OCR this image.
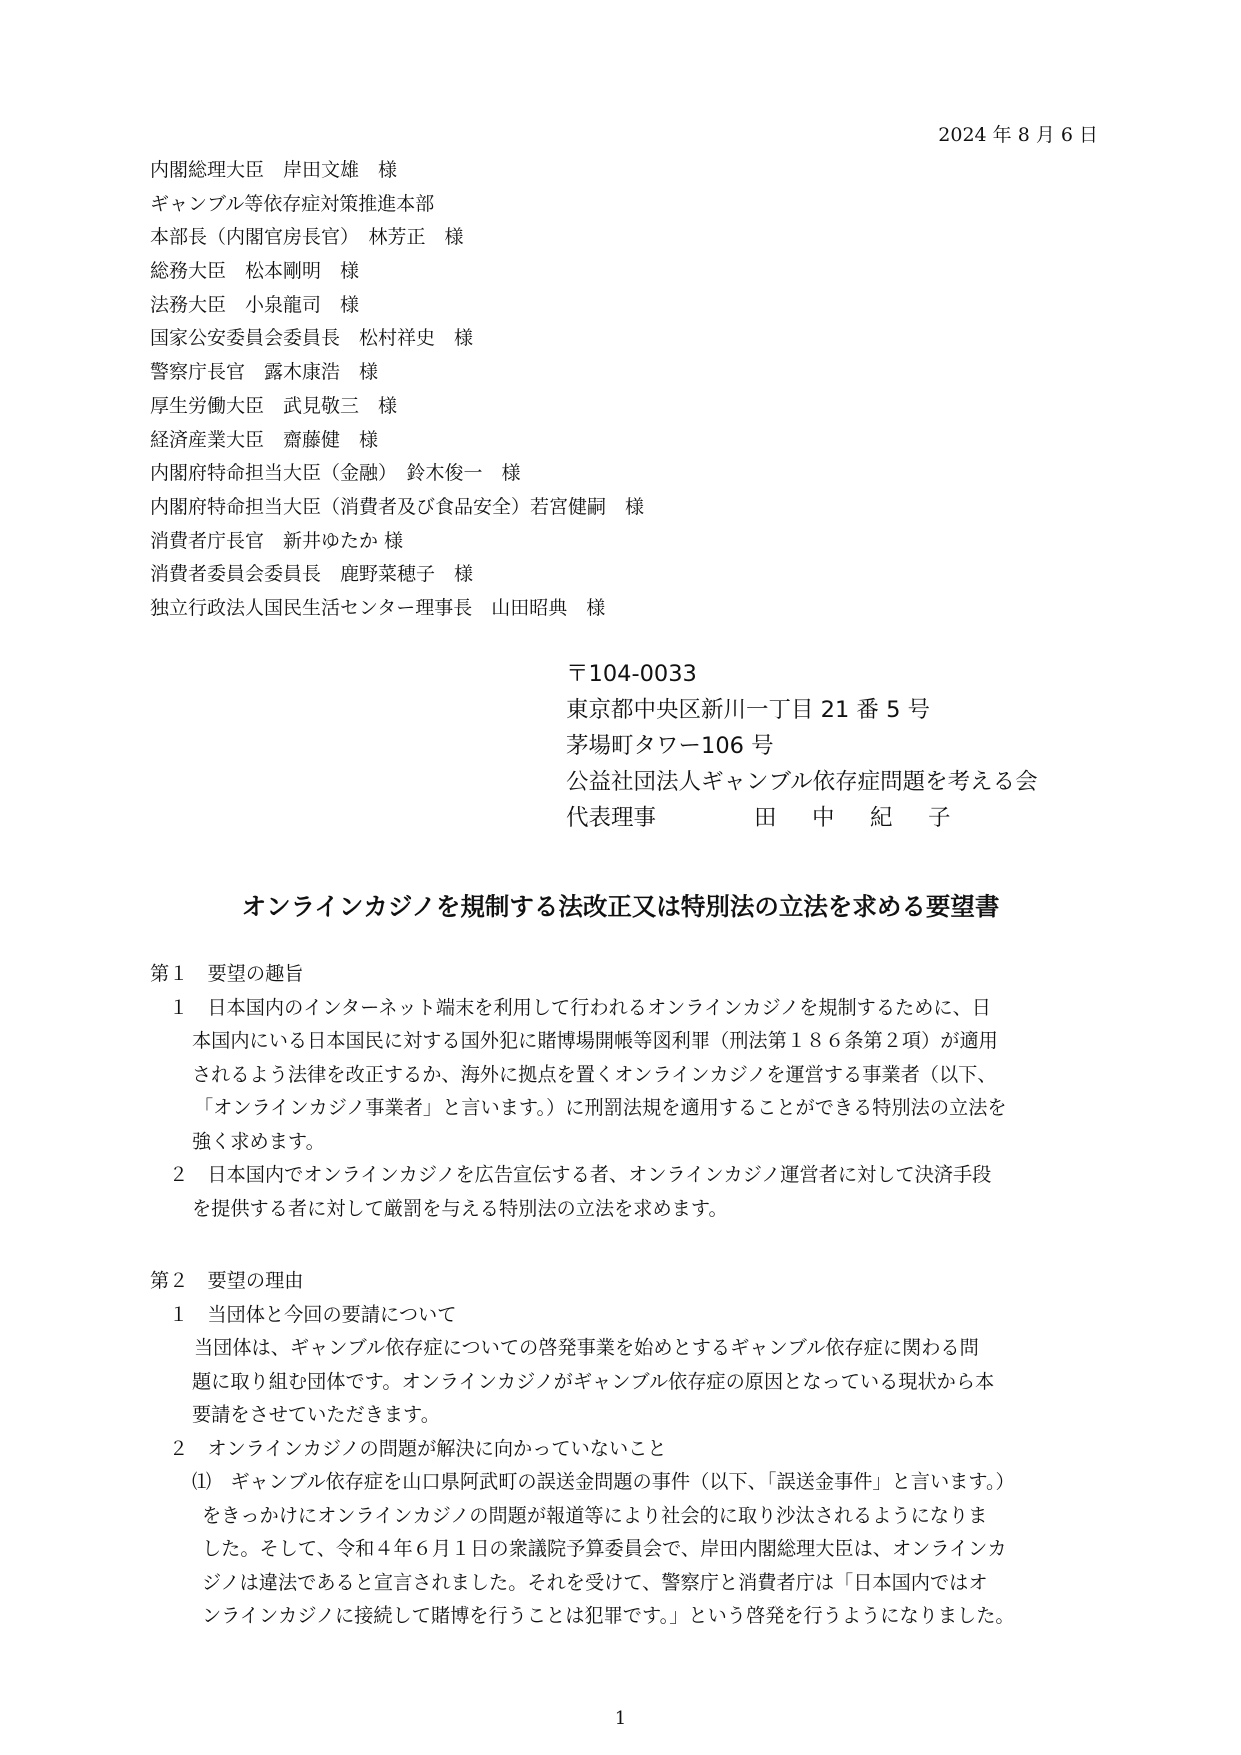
2024 年 8 月 6 日
内閣総理大臣　岸田文雄　様
ギャンブル等依存症対策推進本部
本部長（内閣官房長官）　林芳正　様
総務大臣　松本剛明　様
法務大臣　小泉龍司　様
国家公安委員会委員長　松村祥史　様
警察庁長官　露木康浩　様
厚生労働大臣　武見敬三　様
経済産業大臣　齋藤健　様
内閣府特命担当大臣（金融）　鈴木俊一　様
内閣府特命担当大臣（消費者及び食品安全）若宮健嗣　様
消費者庁長官　新井ゆたか 様
消費者委員会委員長　鹿野菜穂子　様
独立行政法人国民生活センター理事長　山田昭典　様
〒104-0033
東京都中央区新川一丁目 21 番 5 号
茅場町タワー106 号
公益社団法人ギャンブル依存症問題を考える会
代表理事	田 中 紀 子
オンラインカジノを規制する法改正又は特別法の立法を求める要望書
第１　要望の趣旨
１　日本国内のインターネット端末を利用して行われるオンラインカジノを規制するために、日
本国内にいる日本国民に対する国外犯に賭博場開帳等図利罪（刑法第１８６条第２項）が適用
されるよう法律を改正するか、海外に拠点を置くオンラインカジノを運営する事業者（以下、
「オンラインカジノ事業者」と言います。）に刑罰法規を適用することができる特別法の立法を
強く求めます。
２　日本国内でオンラインカジノを広告宣伝する者、オンラインカジノ運営者に対して決済手段
を提供する者に対して厳罰を与える特別法の立法を求めます。
第２　要望の理由
１　当団体と今回の要請について
当団体は、ギャンブル依存症についての啓発事業を始めとするギャンブル依存症に関わる問
題に取り組む団体です。オンラインカジノがギャンブル依存症の原因となっている現状から本
要請をさせていただきます。
２　オンラインカジノの問題が解決に向かっていないこと
⑴　ギャンブル依存症を山口県阿武町の誤送金問題の事件（以下、「誤送金事件」と言います。）
をきっかけにオンラインカジノの問題が報道等により社会的に取り沙汰されるようになりま
した。そして、令和４年６月１日の衆議院予算委員会で、岸田内閣総理大臣は、オンラインカ
ジノは違法であると宣言されました。それを受けて、警察庁と消費者庁は「日本国内ではオ
ンラインカジノに接続して賭博を行うことは犯罪です。」という啓発を行うようになりました。
1
